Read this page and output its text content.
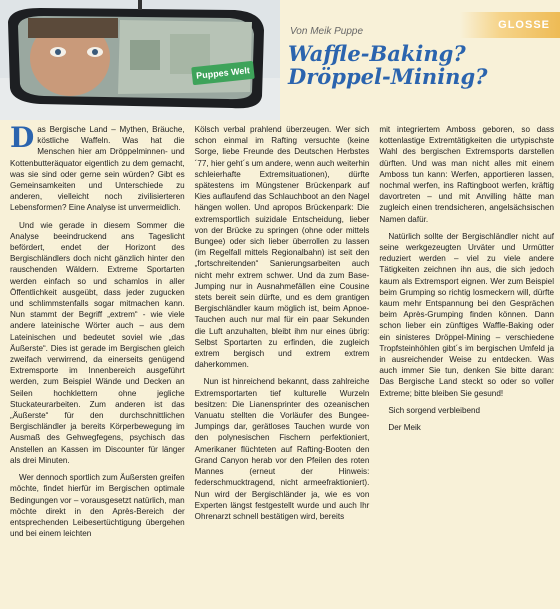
Puppes Welt
GLOSSE
Von Meik Puppe
Waffle-Baking?
Dröppel-Mining?

Das Bergische Land – Mythen, Bräuche, köstliche Waffeln. Was hat die Menschen hier am Dröppelminnen- und Kottenbutteräquator eigentlich zu dem gemacht, was sie sind oder gerne sein würden? Gibt es Gemeinsamkeiten und Unterschiede zu anderen, vielleicht noch zivilisierteren Lebensformen? Eine Analyse ist unvermeidlich.

Und wie gerade in diesem Sommer die Analyse beeindruckend ans Tageslicht befördert, endet der Horizont des Bergischländlers doch nicht gänzlich hinter den rauschenden Wäldern. Extreme Sportarten werden einfach so und schamlos in aller Öffentlichkeit ausgeübt, dass jeder zugucken und schlimmstenfalls sogar mitmachen kann. Nun stammt der Begriff „extrem“ - wie viele andere lateinische Wörter auch – aus dem Lateinischen und bedeutet soviel wie „das Äußerste“. Dies ist gerade im Bergischen gleich zweifach verwirrend, da einerseits genügend Extremsporte im Innenbereich ausgeführt werden, zum Beispiel Wände und Decken an Seilen hochklettern ohne jegliche Stuckateurarbeiten. Zum anderen ist das „Äußerste“ für den durchschnittlichen Bergischländler ja bereits Körperbewegung im Ausmaß des Gehwegfegens, psychisch das Anstellen an Kassen im Discounter für länger als drei Minuten.

Wer dennoch sportlich zum Äußersten greifen möchte, findet hierfür im Bergischen optimale Bedingungen vor – vorausgesetzt natürlich, man möchte direkt in den Après-Bereich der entsprechenden Leibesertüchtigung übergehen und bei einem leichten

Kölsch verbal prahlend überzeugen. Wer sich schon einmal im Rafting versuchte (keine Sorge, liebe Freunde des Deutschen Herbstes ´77, hier geht´s um andere, wenn auch weiterhin schleierhafte Extremsituationen), dürfte spätestens im Müngstener Brückenpark auf Kies auflaufend das Schlauchboot an den Nagel hängen wollen. Und apropos Brückenpark: Die extremsportlich suizidale Entscheidung, lieber von der Brücke zu springen (ohne oder mittels Bungee) oder sich lieber überrollen zu lassen (im Regelfall mittels Regionalbahn) ist seit den „fortschreitenden“ Sanierungsarbeiten auch nicht mehr extrem schwer. Und da zum Base-Jumping nur in Ausnahmefällen eine Cousine stets bereit sein dürfte, und es dem grantigen Bergischländler kaum möglich ist, beim Apnoe-Tauchen auch nur mal für ein paar Sekunden die Luft anzuhalten, bleibt ihm nur eines übrig: Selbst Sportarten zu erfinden, die zugleich extrem bergisch und extrem extrem daherkommen.

Nun ist hinreichend bekannt, dass zahlreiche Extremsportarten tief kulturelle Wurzeln besitzen: Die Lianensprinter des ozeanischen Vanuatu stellten die Vorläufer des Bungee-Jumpings dar, gerätloses Tauchen wurde von den polynesischen Fischern perfektioniert, Amerikaner flüchteten auf Rafting-Booten den Grand Canyon herab vor den Pfeilen des roten Mannes (erneut der Hinweis: federschmucktragend, nicht armeefraktioniert). Nun wird der Bergischländer ja, wie es von Experten längst festgestellt wurde und auch Ihr Ohrenarzt schnell bestätigen wird, bereits

mit integriertem Amboss geboren, so dass kottenlastige Extremtätigkeiten die urtypischste Wahl des bergischen Extremsports darstellen dürften. Und was man nicht alles mit einem Amboss tun kann: Werfen, apportieren lassen, nochmal werfen, ins Raftingboot werfen, kräftig davortreten – und mit Anvilling hätte man zugleich einen trendsicheren, angelsächsischen Namen dafür.

Natürlich sollte der Bergischländler nicht auf seine werkgezeugten Urväter und Urmütter reduziert werden – viel zu viele andere Tätigkeiten zeichnen ihn aus, die sich jedoch kaum als Extremsport eignen. Wer zum Beispiel beim Grumping so richtig losmeckern will, dürfte kaum mehr Entspannung bei den Gesprächen beim Après-Grumping finden können. Dann schon lieber ein zünftiges Waffle-Baking oder ein sinisteres Dröppel-Mining – verschiedene Tropfsteinhöhlen gibt´s im bergischen Umfeld ja in ausreichender Weise zu entdecken. Was auch immer Sie tun, denken Sie bitte daran: Das Bergische Land steckt so oder so voller Extreme; bitte bleiben Sie gesund!

Sich sorgend verbleibend

Der Meik
